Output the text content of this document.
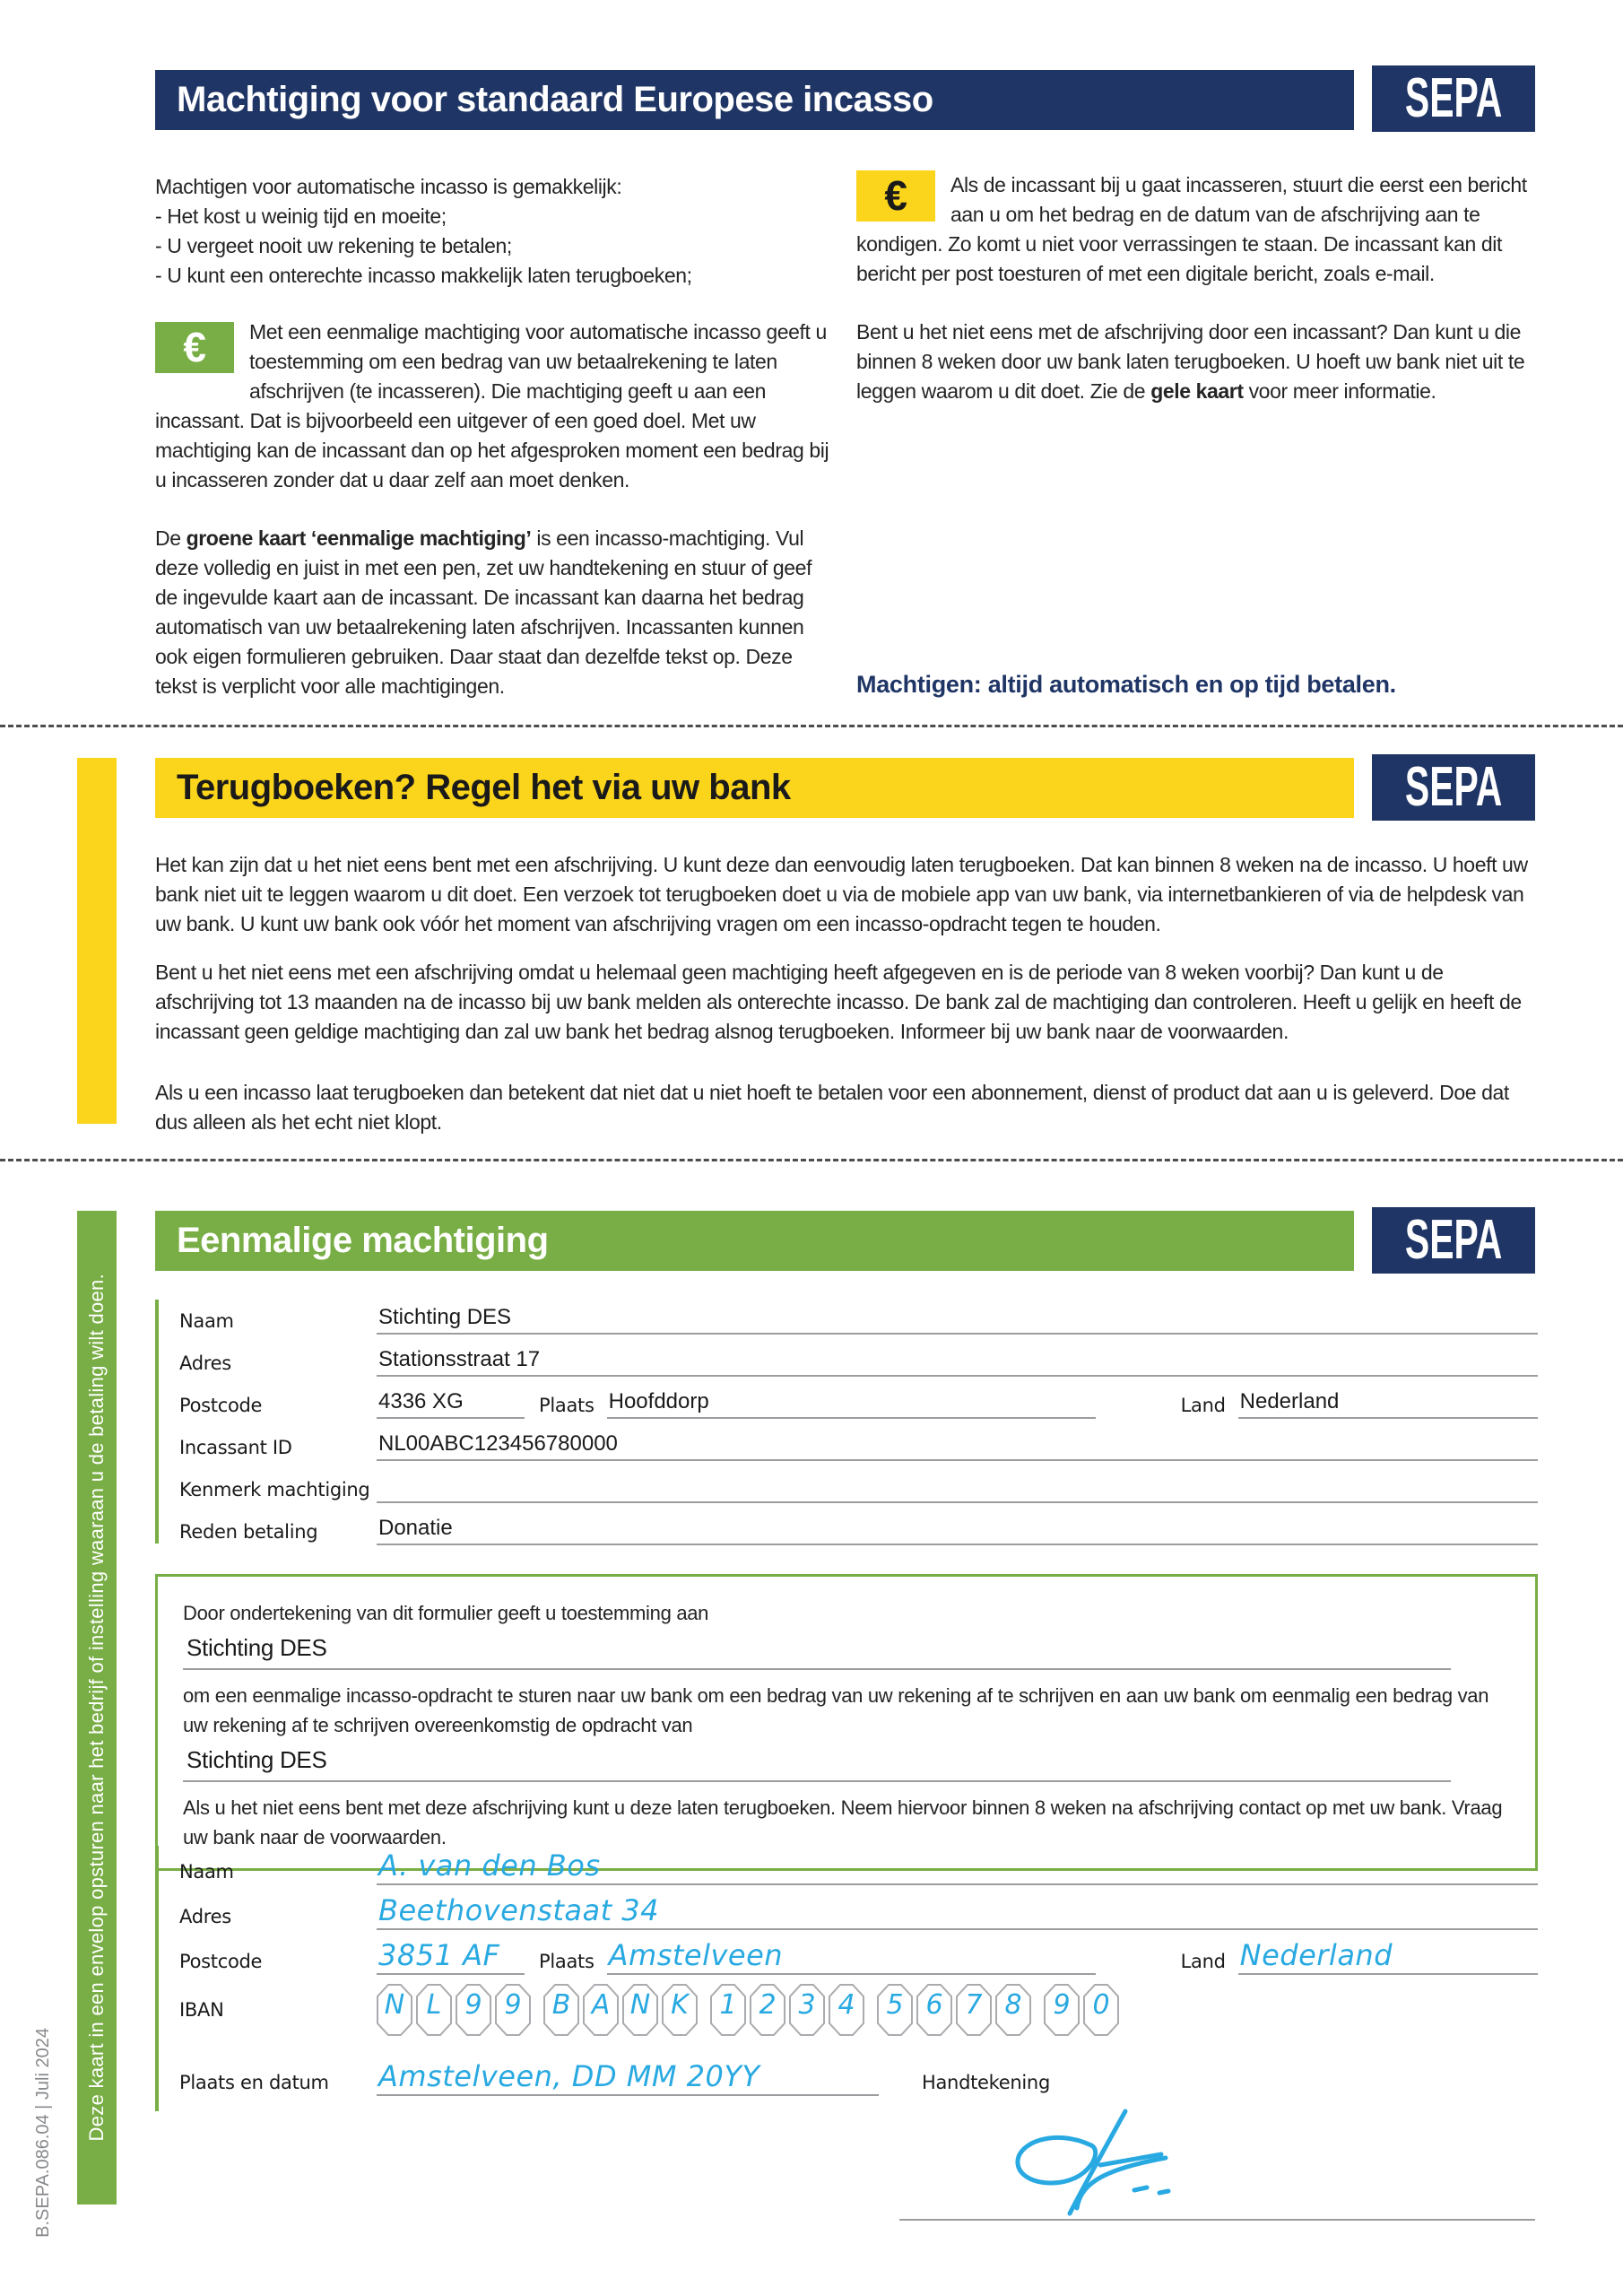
Machtiging voor standaard Europese incasso	SEPA
Machtigen voor automatische incasso is gemakkelijk:
- Het kost u weinig tijd en moeite;
- U vergeet nooit uw rekening te betalen;
- U kunt een onterechte incasso makkelijk laten terugboeken;
€ Met een eenmalige machtiging voor automatische incasso geeft u toestemming om een bedrag van uw betaalrekening te laten afschrijven (te incasseren). Die machtiging geeft u aan een incassant. Dat is bijvoorbeeld een uitgever of een goed doel. Met uw machtiging kan de incassant dan op het afgesproken moment een bedrag bij u incasseren zonder dat u daar zelf aan moet denken.
De groene kaart ‘eenmalige machtiging’ is een incasso-machtiging. Vul deze volledig en juist in met een pen, zet uw handtekening en stuur of geef de ingevulde kaart aan de incassant. De incassant kan daarna het bedrag automatisch van uw betaalrekening laten afschrijven. Incassanten kunnen ook eigen formulieren gebruiken. Daar staat dan dezelfde tekst op. Deze tekst is verplicht voor alle machtigingen.
€ Als de incassant bij u gaat incasseren, stuurt die eerst een bericht aan u om het bedrag en de datum van de afschrijving aan te kondigen. Zo komt u niet voor verrassingen te staan. De incassant kan dit bericht per post toesturen of met een digitale bericht, zoals e-mail.
Bent u het niet eens met de afschrijving door een incassant? Dan kunt u die binnen 8 weken door uw bank laten terugboeken. U hoeft uw bank niet uit te leggen waarom u dit doet. Zie de gele kaart voor meer informatie.
Machtigen: altijd automatisch en op tijd betalen.
Terugboeken? Regel het via uw bank	SEPA
Het kan zijn dat u het niet eens bent met een afschrijving. U kunt deze dan eenvoudig laten terugboeken. Dat kan binnen 8 weken na de incasso. U hoeft uw bank niet uit te leggen waarom u dit doet. Een verzoek tot terugboeken doet u via de mobiele app van uw bank, via internetbankieren of via de helpdesk van uw bank. U kunt uw bank ook vóór het moment van afschrijving vragen om een incasso-opdracht tegen te houden.
Bent u het niet eens met een afschrijving omdat u helemaal geen machtiging heeft afgegeven en is de periode van 8 weken voorbij? Dan kunt u de afschrijving tot 13 maanden na de incasso bij uw bank melden als onterechte incasso. De bank zal de machtiging dan controleren. Heeft u gelijk en heeft de incassant geen geldige machtiging dan zal uw bank het bedrag alsnog terugboeken. Informeer bij uw bank naar de voorwaarden.
Als u een incasso laat terugboeken dan betekent dat niet dat u niet hoeft te betalen voor een abonnement, dienst of product dat aan u is geleverd. Doe dat dus alleen als het echt niet klopt.
Deze kaart in een envelop opsturen naar het bedrijf of instelling waaraan u de betaling wilt doen.
Eenmalige machtiging	SEPA
Naam	Stichting DES
Adres	Stationsstraat 17
Postcode	4336 XG	Plaats Hoofddorp	Land Nederland
Incassant ID	NL00ABC123456780000
Kenmerk machtiging
Reden betaling	Donatie
Door ondertekening van dit formulier geeft u toestemming aan
Stichting DES
om een eenmalige incasso-opdracht te sturen naar uw bank om een bedrag van uw rekening af te schrijven en aan uw bank om eenmalig een bedrag van uw rekening af te schrijven overeenkomstig de opdracht van
Stichting DES
Als u het niet eens bent met deze afschrijving kunt u deze laten terugboeken. Neem hiervoor binnen 8 weken na afschrijving contact op met uw bank. Vraag uw bank naar de voorwaarden.
Naam	A. van den Bos
Adres	Beethovenstaat 34
Postcode	3851 AF	Plaats Amstelveen	Land Nederland
IBAN	N L 9 9	B A N K	1 2 3 4	5 6 7 8	9 0
Plaats en datum	Amstelveen, DD MM 20YY	Handtekening
B.SEPA.086.04 | Juli 2024
